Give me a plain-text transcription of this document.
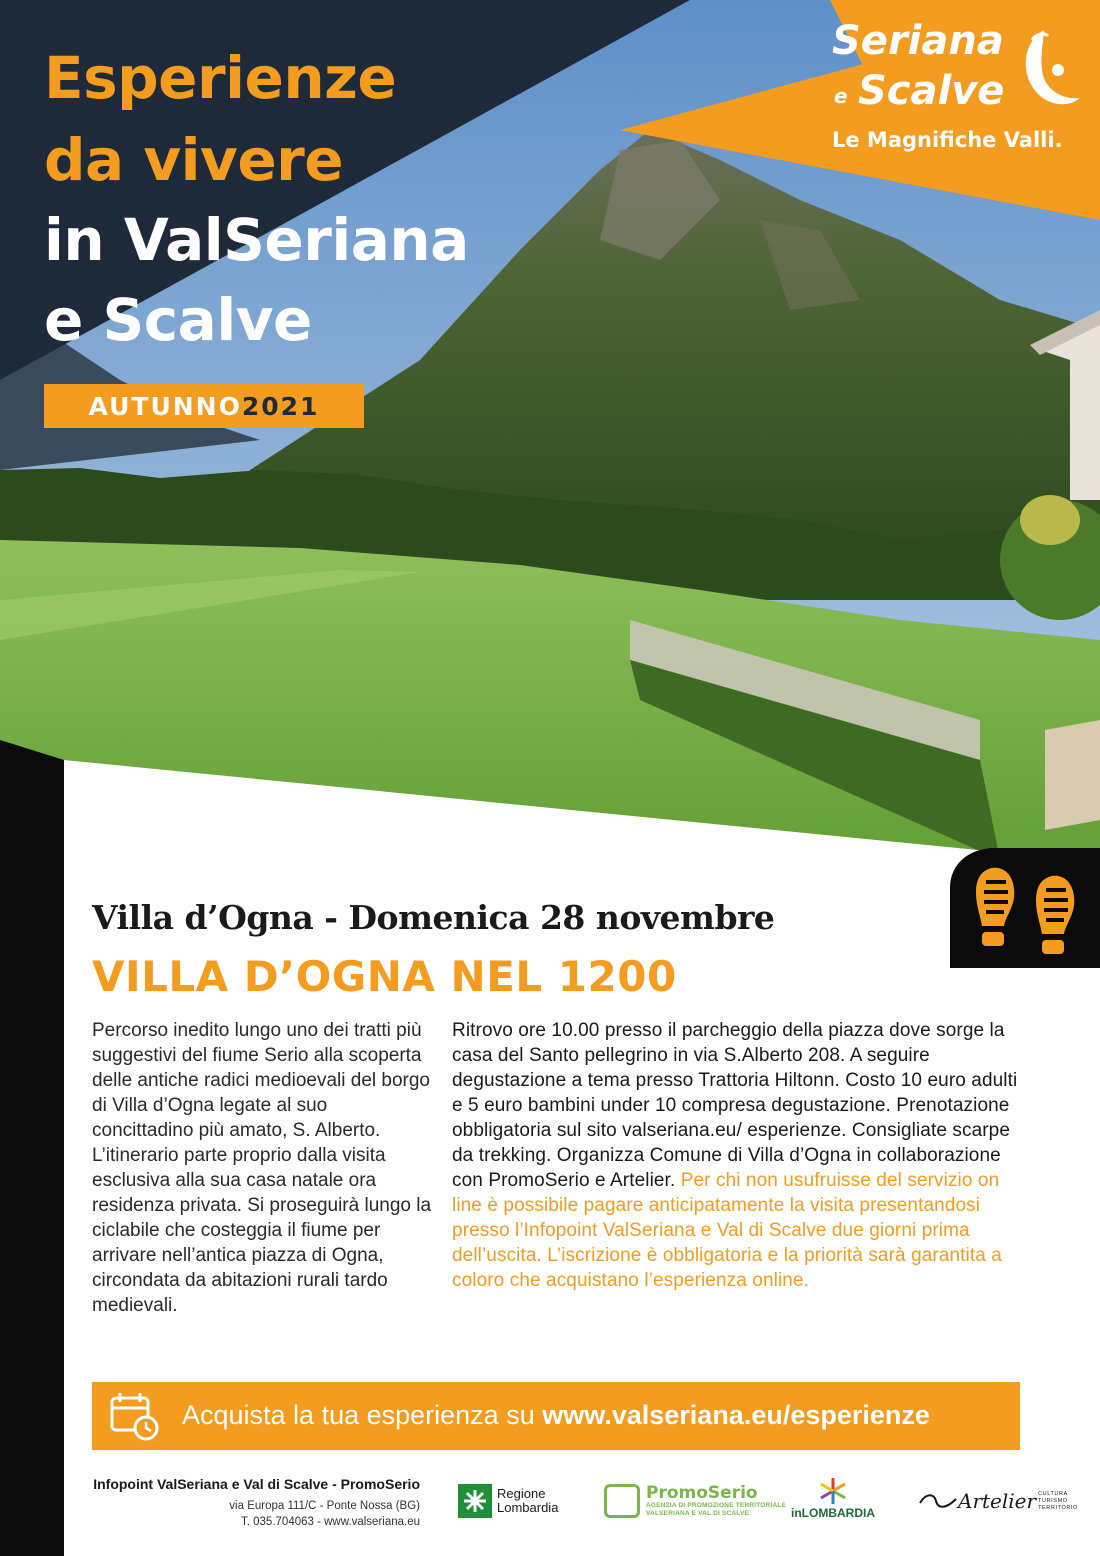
Esperienze
da vivere
in ValSeriana
e Scalve
AUTUNNO 2021
Seriana
e Scalve
Le Magnifiche Valli.
Villa d’Ogna - Domenica 28 novembre
VILLA D’OGNA NEL 1200
Percorso inedito lungo uno dei tratti più suggestivi del fiume Serio alla scoperta delle antiche radici medioevali del borgo di Villa d’Ogna legate al suo concittadino più amato, S. Alberto. L’itinerario parte proprio dalla visita esclusiva alla sua casa natale ora residenza privata. Si proseguirà lungo la ciclabile che costeggia il fiume per arrivare nell’antica piazza di Ogna, circondata da abitazioni rurali tardo medievali.
Ritrovo ore 10.00 presso il parcheggio della piazza dove sorge la casa del Santo pellegrino in via S.Alberto 208. A seguire degustazione a tema presso Trattoria Hiltonn. Costo 10 euro adulti e 5 euro bambini under 10 compresa degustazione. Prenotazione obbligatoria sul sito valseriana.eu/ esperienze. Consigliate scarpe da trekking. Organizza Comune di Villa d’Ogna in collaborazione con PromoSerio e Artelier. Per chi non usufruisse del servizio on line è possibile pagare anticipatamente la visita presentandosi presso l’Infopoint ValSeriana e Val di Scalve due giorni prima dell’uscita. L’iscrizione è obbligatoria e la priorità sarà garantita a coloro che acquistano l’esperienza online.
Acquista la tua esperienza su www.valseriana.eu/esperienze
Infopoint ValSeriana e Val di Scalve - PromoSerio
via Europa 111/C - Ponte Nossa (BG)
T. 035.704063 - www.valseriana.eu
Regione
Lombardia
PromoSerio
AGENZIA DI PROMOZIONE TERRITORIALE
VALSERIANA E VAL DI SCALVE	inLOMBARDIA	Artelier CULTURA
TURISMO
TERRITORIO
